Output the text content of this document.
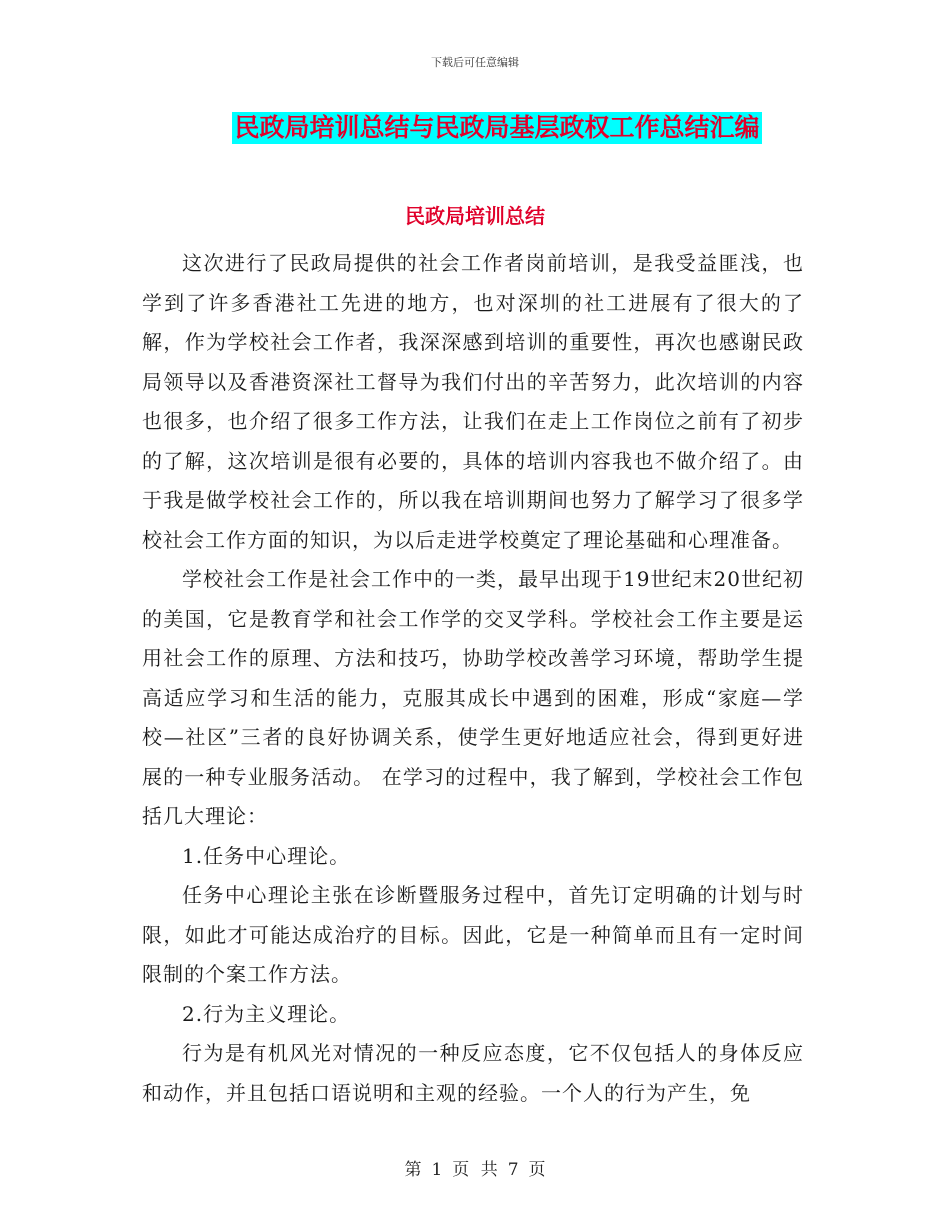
下载后可任意编辑
民政局培训总结与民政局基层政权工作总结汇编
民政局培训总结

这次进行了民政局提供的社会工作者岗前培训，是我受益匪浅，也学到了许多香港社工先进的地方，也对深圳的社工进展有了很大的了解，作为学校社会工作者，我深深感到培训的重要性，再次也感谢民政局领导以及香港资深社工督导为我们付出的辛苦努力，此次培训的内容也很多，也介绍了很多工作方法，让我们在走上工作岗位之前有了初步的了解，这次培训是很有必要的，具体的培训内容我也不做介绍了。由于我是做学校社会工作的，所以我在培训期间也努力了解学习了很多学校社会工作方面的知识，为以后走进学校奠定了理论基础和心理准备。

学校社会工作是社会工作中的一类，最早出现于19世纪末20世纪初的美国，它是教育学和社会工作学的交叉学科。学校社会工作主要是运用社会工作的原理、方法和技巧，协助学校改善学习环境，帮助学生提高适应学习和生活的能力，克服其成长中遇到的困难，形成“家庭—学校—社区”三者的良好协调关系，使学生更好地适应社会，得到更好进展的一种专业服务活动。 在学习的过程中，我了解到，学校社会工作包括几大理论：

1.任务中心理论。

任务中心理论主张在诊断暨服务过程中，首先订定明确的计划与时限，如此才可能达成治疗的目标。因此，它是一种简单而且有一定时间限制的个案工作方法。

2.行为主义理论。

行为是有机风光对情况的一种反应态度，它不仅包括人的身体反应和动作，并且包括口语说明和主观的经验。一个人的行为产生，免

第 1 页 共 7 页
